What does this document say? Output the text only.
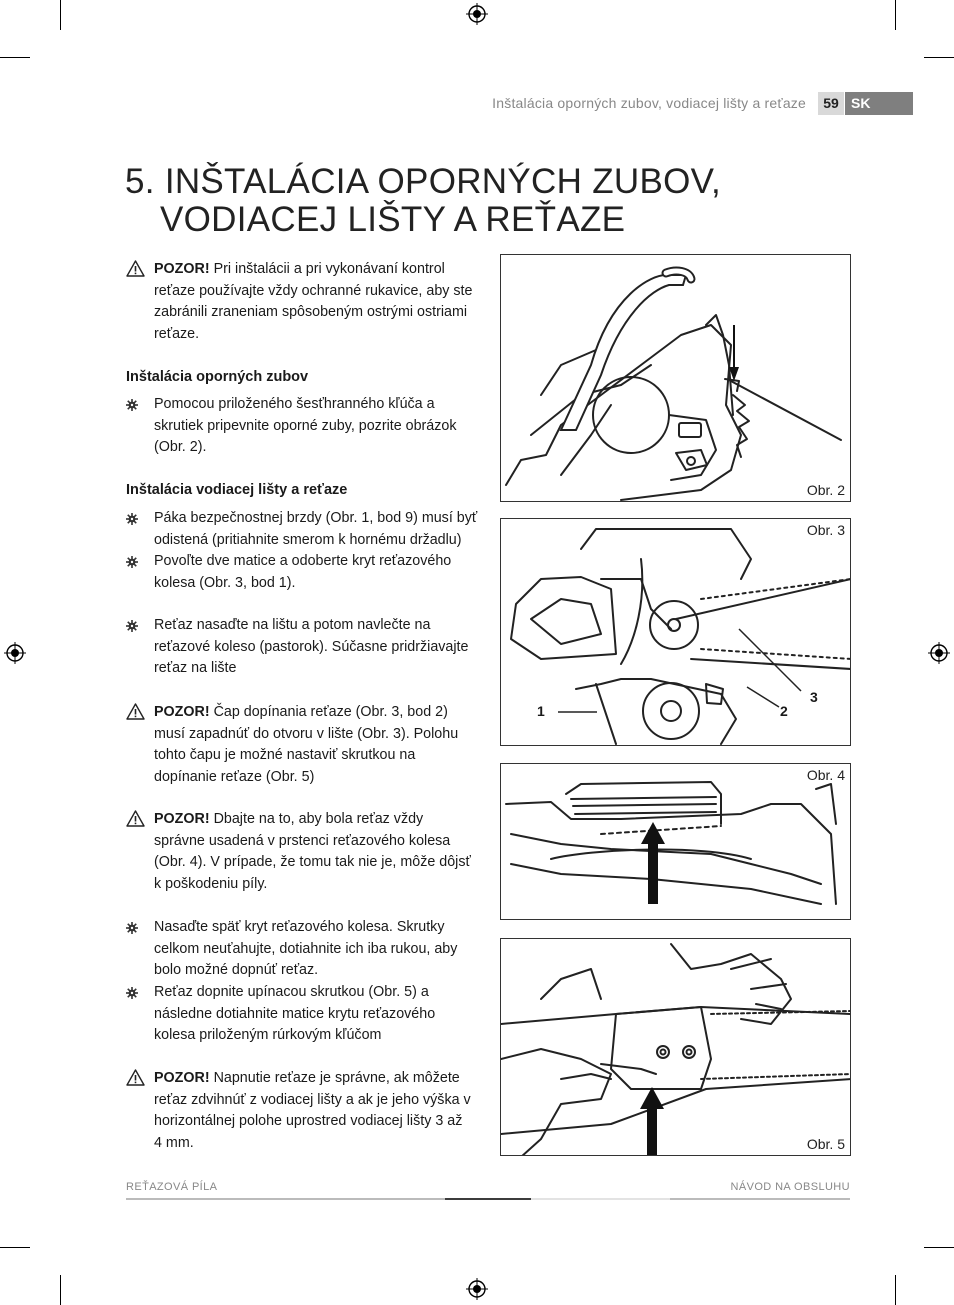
Inštalácia oporných zubov, vodiacej lišty a reťaze	59 SK
5. INŠTALÁCIA OPORNÝCH ZUBOV,
VODIACEJ LIŠTY A REŤAZE
POZOR! Pri inštalácii a pri vykonávaní kontrol reťaze používajte vždy ochranné rukavice, aby ste zabránili zraneniam spôsobeným ostrými ostriami reťaze.
Inštalácia oporných zubov
Pomocou priloženého šesťhranného kľúča a skrutiek pripevnite oporné zuby, pozrite obrázok (Obr. 2).
Inštalácia vodiacej lišty a reťaze
Páka bezpečnostnej brzdy (Obr. 1, bod 9) musí byť odistená (pritiahnite smerom k hornému držadlu)
Povoľte dve matice a odoberte kryt reťazového kolesa (Obr. 3, bod 1).
Reťaz nasaďte na lištu a potom navlečte na reťazové koleso (pastorok). Súčasne pridržiavajte reťaz na lište
POZOR! Čap dopínania reťaze (Obr. 3, bod 2) musí zapadnúť do otvoru v lište (Obr. 3). Polohu tohto čapu je možné nastaviť skrutkou na dopínanie reťaze (Obr. 5)
POZOR! Dbajte na to, aby bola reťaz vždy správne usadená v prstenci reťazového kolesa (Obr. 4). V prípade, že tomu tak nie je, môže dôjsť k poškodeniu píly.
Nasaďte späť kryt reťazového kolesa. Skrutky celkom neuťahujte, dotiahnite ich iba rukou, aby bolo možné dopnúť reťaz.
Reťaz dopnite upínacou skrutkou (Obr. 5) a následne dotiahnite matice krytu reťazového kolesa priloženým rúrkovým kľúčom
POZOR! Napnutie reťaze je správne, ak môžete reťaz zdvihnúť z vodiacej lišty a ak je jeho výška v horizontálnej polohe uprostred vodiacej lišty 3 až 4 mm.
Obr. 2
1	2
3
Obr. 3
Obr. 4
Obr. 5
REŤAZOVÁ PÍLA	NÁVOD NA OBSLUHU
